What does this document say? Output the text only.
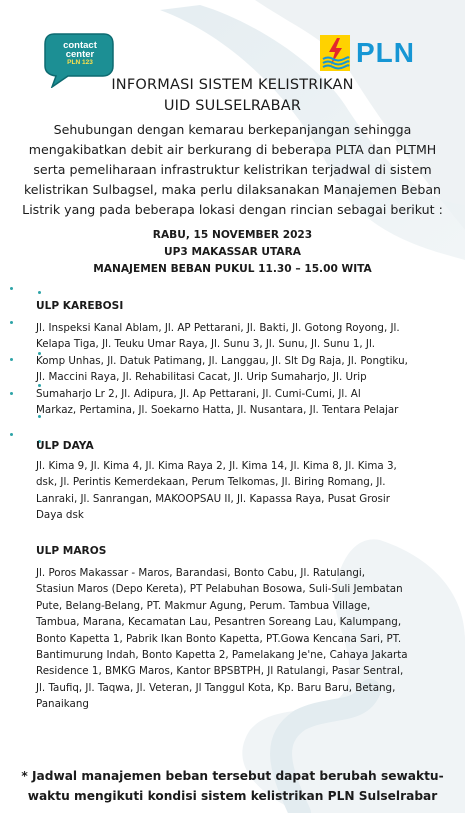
contact
center
PLN 123	PLN
INFORMASI SISTEM KELISTRIKAN
UID SULSELRABAR
Sehubungan dengan kemarau berkepanjangan sehingga
mengakibatkan debit air berkurang di beberapa PLTA dan PLTMH
serta pemeliharaan infrastruktur kelistrikan terjadwal di sistem
kelistrikan Sulbagsel, maka perlu dilaksanakan Manajemen Beban
Listrik yang pada beberapa lokasi dengan rincian sebagai berikut :
RABU, 15 NOVEMBER 2023
UP3 MAKASSAR UTARA
MANAJEMEN BEBAN PUKUL 11.30 – 15.00 WITA
ULP KAREBOSI
Jl. Inspeksi Kanal Ablam, Jl. AP Pettarani, Jl. Bakti, Jl. Gotong Royong, Jl.
Kelapa Tiga, Jl. Teuku Umar Raya, Jl. Sunu 3, Jl. Sunu, Jl. Sunu 1, Jl.
Komp Unhas, Jl. Datuk Patimang, Jl. Langgau, Jl. Slt Dg Raja, Jl. Pongtiku,
Jl. Maccini Raya, Jl. Rehabilitasi Cacat, Jl. Urip Sumaharjo, Jl. Urip
Sumaharjo Lr 2, Jl. Adipura, Jl. Ap Pettarani, Jl. Cumi-Cumi, Jl. Al
Markaz, Pertamina, Jl. Soekarno Hatta, Jl. Nusantara, Jl. Tentara Pelajar
ULP DAYA
Jl. Kima 9, Jl. Kima 4, Jl. Kima Raya 2, Jl. Kima 14, Jl. Kima 8, Jl. Kima 3,
dsk, Jl. Perintis Kemerdekaan, Perum Telkomas, Jl. Biring Romang, Jl.
Lanraki, Jl. Sanrangan, MAKOOPSAU II, Jl. Kapassa Raya, Pusat Grosir
Daya dsk
ULP MAROS
Jl. Poros Makassar - Maros, Barandasi, Bonto Cabu, Jl. Ratulangi,
Stasiun Maros (Depo Kereta), PT Pelabuhan Bosowa, Suli-Suli Jembatan
Pute, Belang-Belang, PT. Makmur Agung, Perum. Tambua Village,
Tambua, Marana, Kecamatan Lau, Pesantren Soreang Lau, Kalumpang,
Bonto Kapetta 1, Pabrik Ikan Bonto Kapetta, PT.Gowa Kencana Sari, PT.
Bantimurung Indah, Bonto Kapetta 2, Pamelakang Je'ne, Cahaya Jakarta
Residence 1, BMKG Maros, Kantor BPSBTPH, Jl Ratulangi, Pasar Sentral,
Jl. Taufiq, Jl. Taqwa, Jl. Veteran, Jl Tanggul Kota, Kp. Baru Baru, Betang,
Panaikang
* Jadwal manajemen beban tersebut dapat berubah sewaktu-
waktu mengikuti kondisi sistem kelistrikan PLN Sulselrabar
